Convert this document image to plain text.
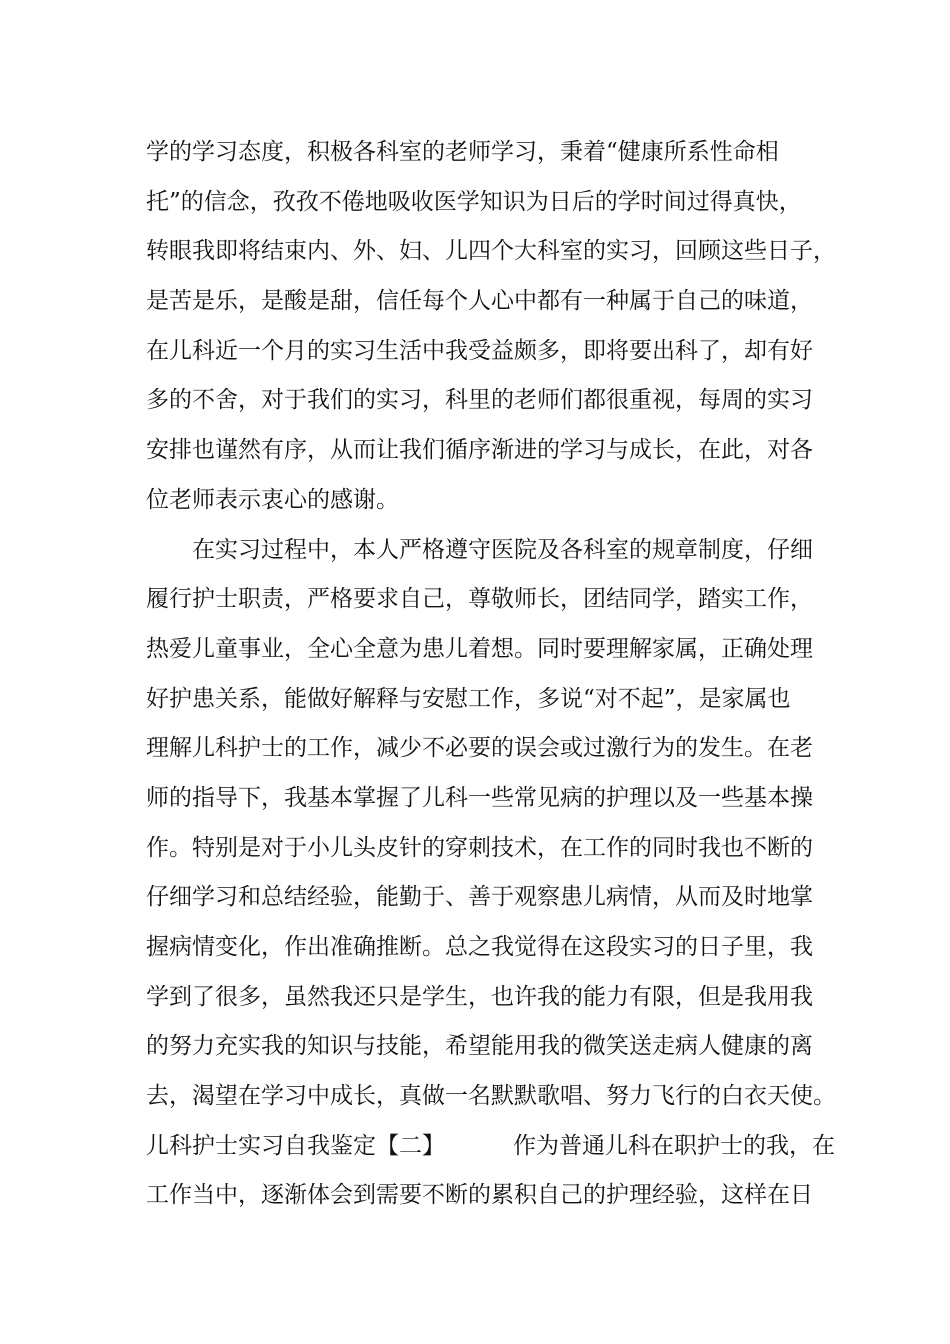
学的学习态度，积极各科室的老师学习，秉着“健康所系性命相
托”的信念，孜孜不倦地吸收医学知识为日后的学时间过得真快，
转眼我即将结束内、外、妇、儿四个大科室的实习，回顾这些日子，
是苦是乐，是酸是甜，信任每个人心中都有一种属于自己的味道，
在儿科近一个月的实习生活中我受益颇多，即将要出科了，却有好
多的不舍，对于我们的实习，科里的老师们都很重视，每周的实习
安排也谨然有序，从而让我们循序渐进的学习与成长，在此，对各
位老师表示衷心的感谢。
在实习过程中，本人严格遵守医院及各科室的规章制度，仔细
履行护士职责，严格要求自己，尊敬师长，团结同学，踏实工作，
热爱儿童事业，全心全意为患儿着想。同时要理解家属，正确处理
好护患关系，能做好解释与安慰工作，多说“对不起”，是家属也
理解儿科护士的工作，减少不必要的误会或过激行为的发生。在老
师的指导下，我基本掌握了儿科一些常见病的护理以及一些基本操
作。特别是对于小儿头皮针的穿刺技术，在工作的同时我也不断的
仔细学习和总结经验，能勤于、善于观察患儿病情，从而及时地掌
握病情变化，作出准确推断。总之我觉得在这段实习的日子里，我
学到了很多，虽然我还只是学生，也许我的能力有限，但是我用我
的努力充实我的知识与技能，希望能用我的微笑送走病人健康的离
去，渴望在学习中成长，真做一名默默歌唱、努力飞行的白衣天使。
儿科护士实习自我鉴定【二】	作为普通儿科在职护士的我，在
工作当中，逐渐体会到需要不断的累积自己的护理经验，这样在日
